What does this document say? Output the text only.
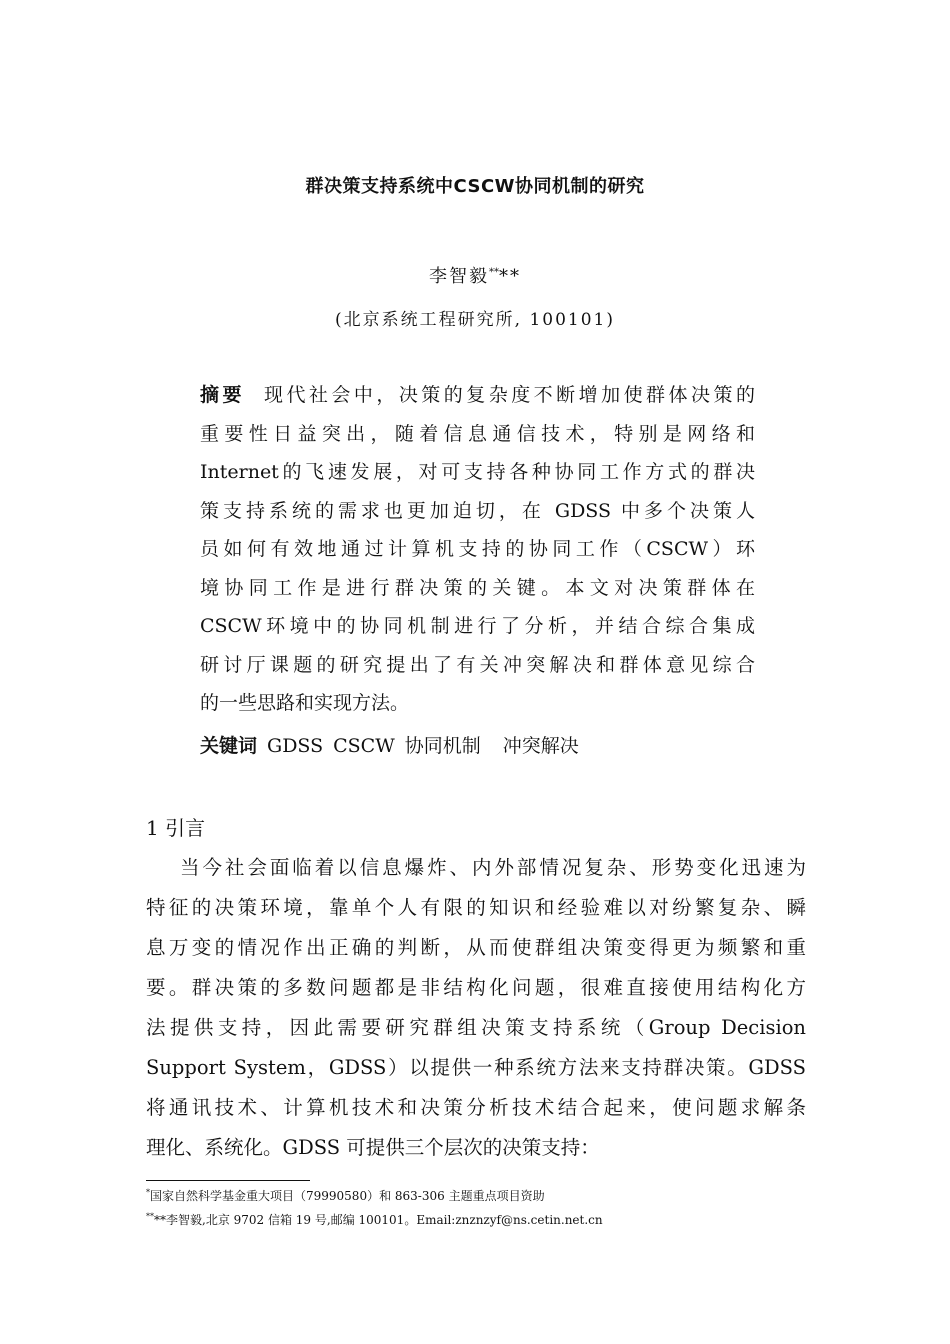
群决策支持系统中CSCW协同机制的研究
李智毅****
(北京系统工程研究所, 100101)
摘要 现代社会中，决策的复杂度不断增加使群体决策的
重要性日益突出，随着信息通信技术，特别是网络和
Internet的飞速发展，对可支持各种协同工作方式的群决
策支持系统的需求也更加迫切，在 GDSS 中多个决策人
员如何有效地通过计算机支持的协同工作（CSCW）环
境协同工作是进行群决策的关键。本文对决策群体在
CSCW环境中的协同机制进行了分析，并结合综合集成
研讨厅课题的研究提出了有关冲突解决和群体意见综合
的一些思路和实现方法。
关键词 GDSS CSCW 协同机制 冲突解决
1 引言
当今社会面临着以信息爆炸、内外部情况复杂、形势变化迅速为
特征的决策环境，靠单个人有限的知识和经验难以对纷繁复杂、瞬
息万变的情况作出正确的判断，从而使群组决策变得更为频繁和重
要。群决策的多数问题都是非结构化问题，很难直接使用结构化方
法提供支持，因此需要研究群组决策支持系统（Group Decision
Support System，GDSS）以提供一种系统方法来支持群决策。GDSS
将通讯技术、计算机技术和决策分析技术结合起来，使问题求解条
理化、系统化。GDSS 可提供三个层次的决策支持：
*国家自然科学基金重大项目（79990580）和 863-306 主题重点项目资助
****李智毅,北京 9702 信箱 19 号,邮编 100101。Email:znznzyf@ns.cetin.net.cn
